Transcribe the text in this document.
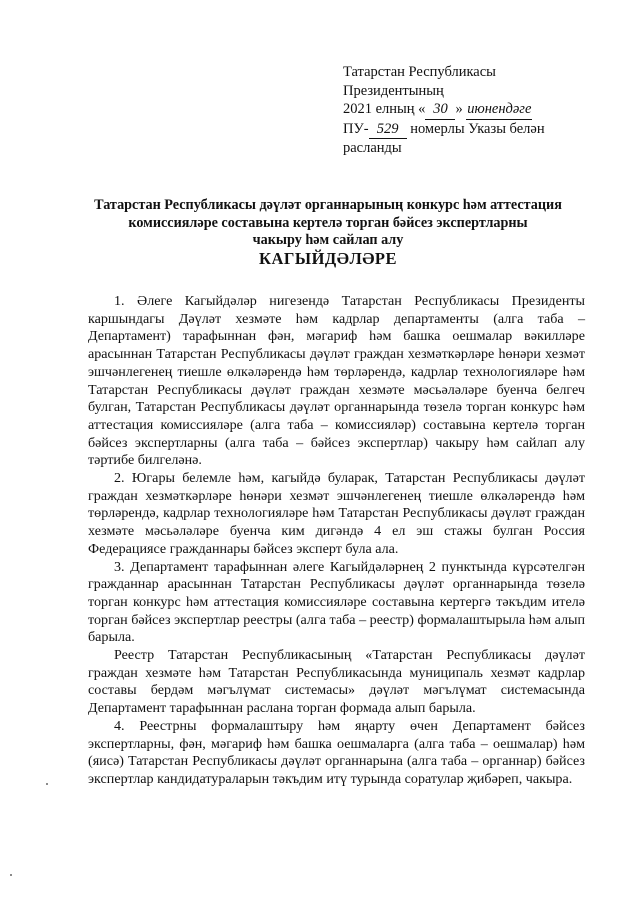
Татарстан Республикасы
Президентының
2021 елның « 30 » июнендәге
ПУ- 529 номерлы Указы белән
расланды
Татарстан Республикасы дәүләт органнарының конкурс һәм аттестация
комиссияләре составына кертелә торган бәйсез экспертларны
чакыру һәм сайлап алу
КАГЫЙДӘЛӘРЕ

1. Әлеге Кагыйдәләр нигезендә Татарстан Республикасы Президенты каршындагы Дәүләт хезмәте һәм кадрлар департаменты (алга таба – Департамент) тарафыннан фән, мәгариф һәм башка оешмалар вәкилләре арасыннан Татарстан Республикасы дәүләт граждан хезмәткәрләре һөнәри хезмәт эшчәнлегенең тиешле өлкәләрендә һәм төрләрендә, кадрлар технологияләре һәм Татарстан Республикасы дәүләт граждан хезмәте мәсьәләләре буенча белгеч булган, Татарстан Республикасы дәүләт органнарында төзелә торган конкурс һәм аттестация комиссияләре (алга таба – комиссияләр) составына кертелә торган бәйсез экспертларны (алга таба – бәйсез экспертлар) чакыру һәм сайлап алу тәртибе билгеләнә.

2. Югары белемле һәм, кагыйдә буларак, Татарстан Республикасы дәүләт граждан хезмәткәрләре һөнәри хезмәт эшчәнлегенең тиешле өлкәләрендә һәм төрләрендә, кадрлар технологияләре һәм Татарстан Республикасы дәүләт граждан хезмәте мәсьәләләре буенча ким дигәндә 4 ел эш стажы булган Россия Федерациясе гражданнары бәйсез эксперт була ала.

3. Департамент тарафыннан әлеге Кагыйдәләрнең 2 пунктында күрсәтелгән гражданнар арасыннан Татарстан Республикасы дәүләт органнарында төзелә торган конкурс һәм аттестация комиссияләре составына кертергә тәкъдим ителә торган бәйсез экспертлар реестры (алга таба – реестр) формалаштырыла һәм алып барыла.

Реестр Татарстан Республикасының «Татарстан Республикасы дәүләт граждан хезмәте һәм Татарстан Республикасында муниципаль хезмәт кадрлар составы бердәм мәгълүмат системасы» дәүләт мәгълүмат системасында Департамент тарафыннан раслана торган формада алып барыла.

4. Реестрны формалаштыру һәм яңарту өчен Департамент бәйсез экспертларны, фән, мәгариф һәм башка оешмаларга (алга таба – оешмалар) һәм (яисә) Татарстан Республикасы дәүләт органнарына (алга таба – органнар) бәйсез экспертлар кандидатураларын тәкъдим итү турында соратулар җибәреп, чакыра.
